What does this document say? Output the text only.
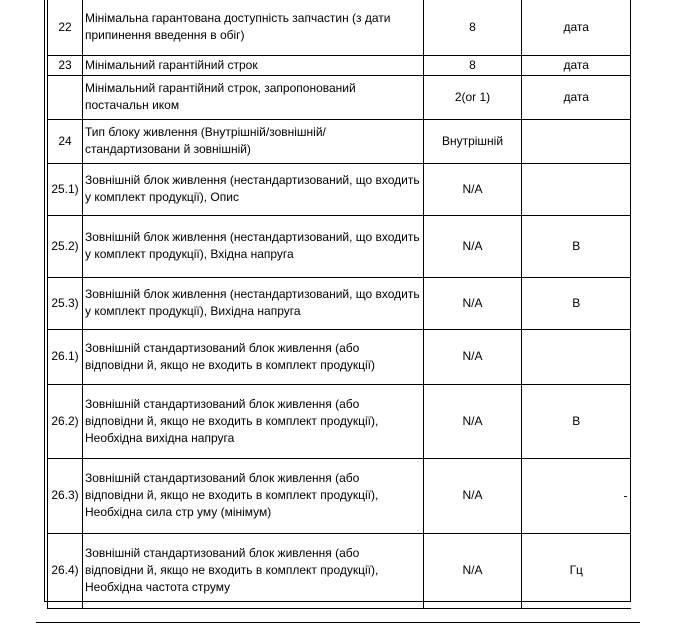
22	Мінімальна гарантована доступність запчастин (з дати припинення введення в обіг)	8	дата
23	Мінімальний гарантійний строк	8	дата
	Мінімальний гарантійний строк, запропонований постачальн иком	2(or 1)	дата
24	Тип блоку живлення (Внутрішній/зовнішній/ стандартизовани й зовнішній)	Внутрішній	
25.1)	Зовнішній блок живлення (нестандартизований, що входить у комплект продукції), Опис	N/A	
25.2)	Зовнішній блок живлення (нестандартизований, що входить у комплект продукції), Вхідна напруга	N/A	В
25.3)	Зовнішній блок живлення (нестандартизований, що входить у комплект продукції), Вихідна напруга	N/A	В
26.1)	Зовнішній стандартизований блок живлення (або відповідни й, якщо не входить в комплект продукції)	N/A	
26.2)	Зовнішній стандартизований блок живлення (або відповідни й, якщо не входить в комплект продукції), Необхідна вихідна напруга	N/A	В
26.3)	Зовнішній стандартизований блок живлення (або відповідни й, якщо не входить в комплект продукції), Необхідна сила стр уму (мінімум)	N/A	-

26.4)	Зовнішній стандартизований блок живлення (або відповідни й, якщо не входить в комплект продукції), Необхідна частота струму	N/A	Гц
